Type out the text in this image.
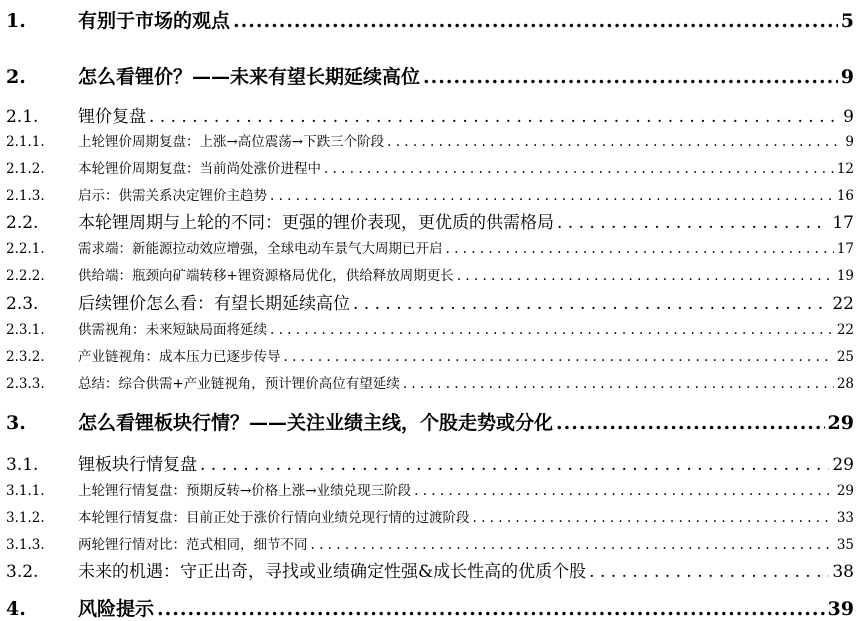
1.	有别于市场的观点 .....	5
2.	怎么看锂价？——未来有望长期延续高位 .....	9
2.1.	锂价复盘 . . .	9
2.1.1.	上轮锂价周期复盘：上涨→高位震荡→下跌三个阶段 . . .	9
2.1.2.	本轮锂价周期复盘：当前尚处涨价进程中 . . .	12
2.1.3.	启示：供需关系决定锂价主趋势 . . .	16
2.2.	本轮锂周期与上轮的不同：更强的锂价表现，更优质的供需格局 . . .	17
2.2.1.	需求端：新能源拉动效应增强，全球电动车景气大周期已开启 . . .	17
2.2.2.	供给端：瓶颈向矿端转移+锂资源格局优化，供给释放周期更长 . . .	19
2.3.	后续锂价怎么看：有望长期延续高位 . . .	22
2.3.1.	供需视角：未来短缺局面将延续 . . .	22
2.3.2.	产业链视角：成本压力已逐步传导 . . .	25
2.3.3.	总结：综合供需+产业链视角，预计锂价高位有望延续 . . .	28
3.	怎么看锂板块行情？——关注业绩主线，个股走势或分化 .....	29
3.1.	锂板块行情复盘 . . .	29
3.1.1.	上轮锂行情复盘：预期反转→价格上涨→业绩兑现三阶段 . . .	29
3.1.2.	本轮锂行情复盘：目前正处于涨价行情向业绩兑现行情的过渡阶段 . . .	33
3.1.3.	两轮锂行情对比：范式相同，细节不同 . . .	35
3.2.	未来的机遇：守正出奇，寻找或业绩确定性强&成长性高的优质个股 . . .	38
4.	风险提示 .....	39
